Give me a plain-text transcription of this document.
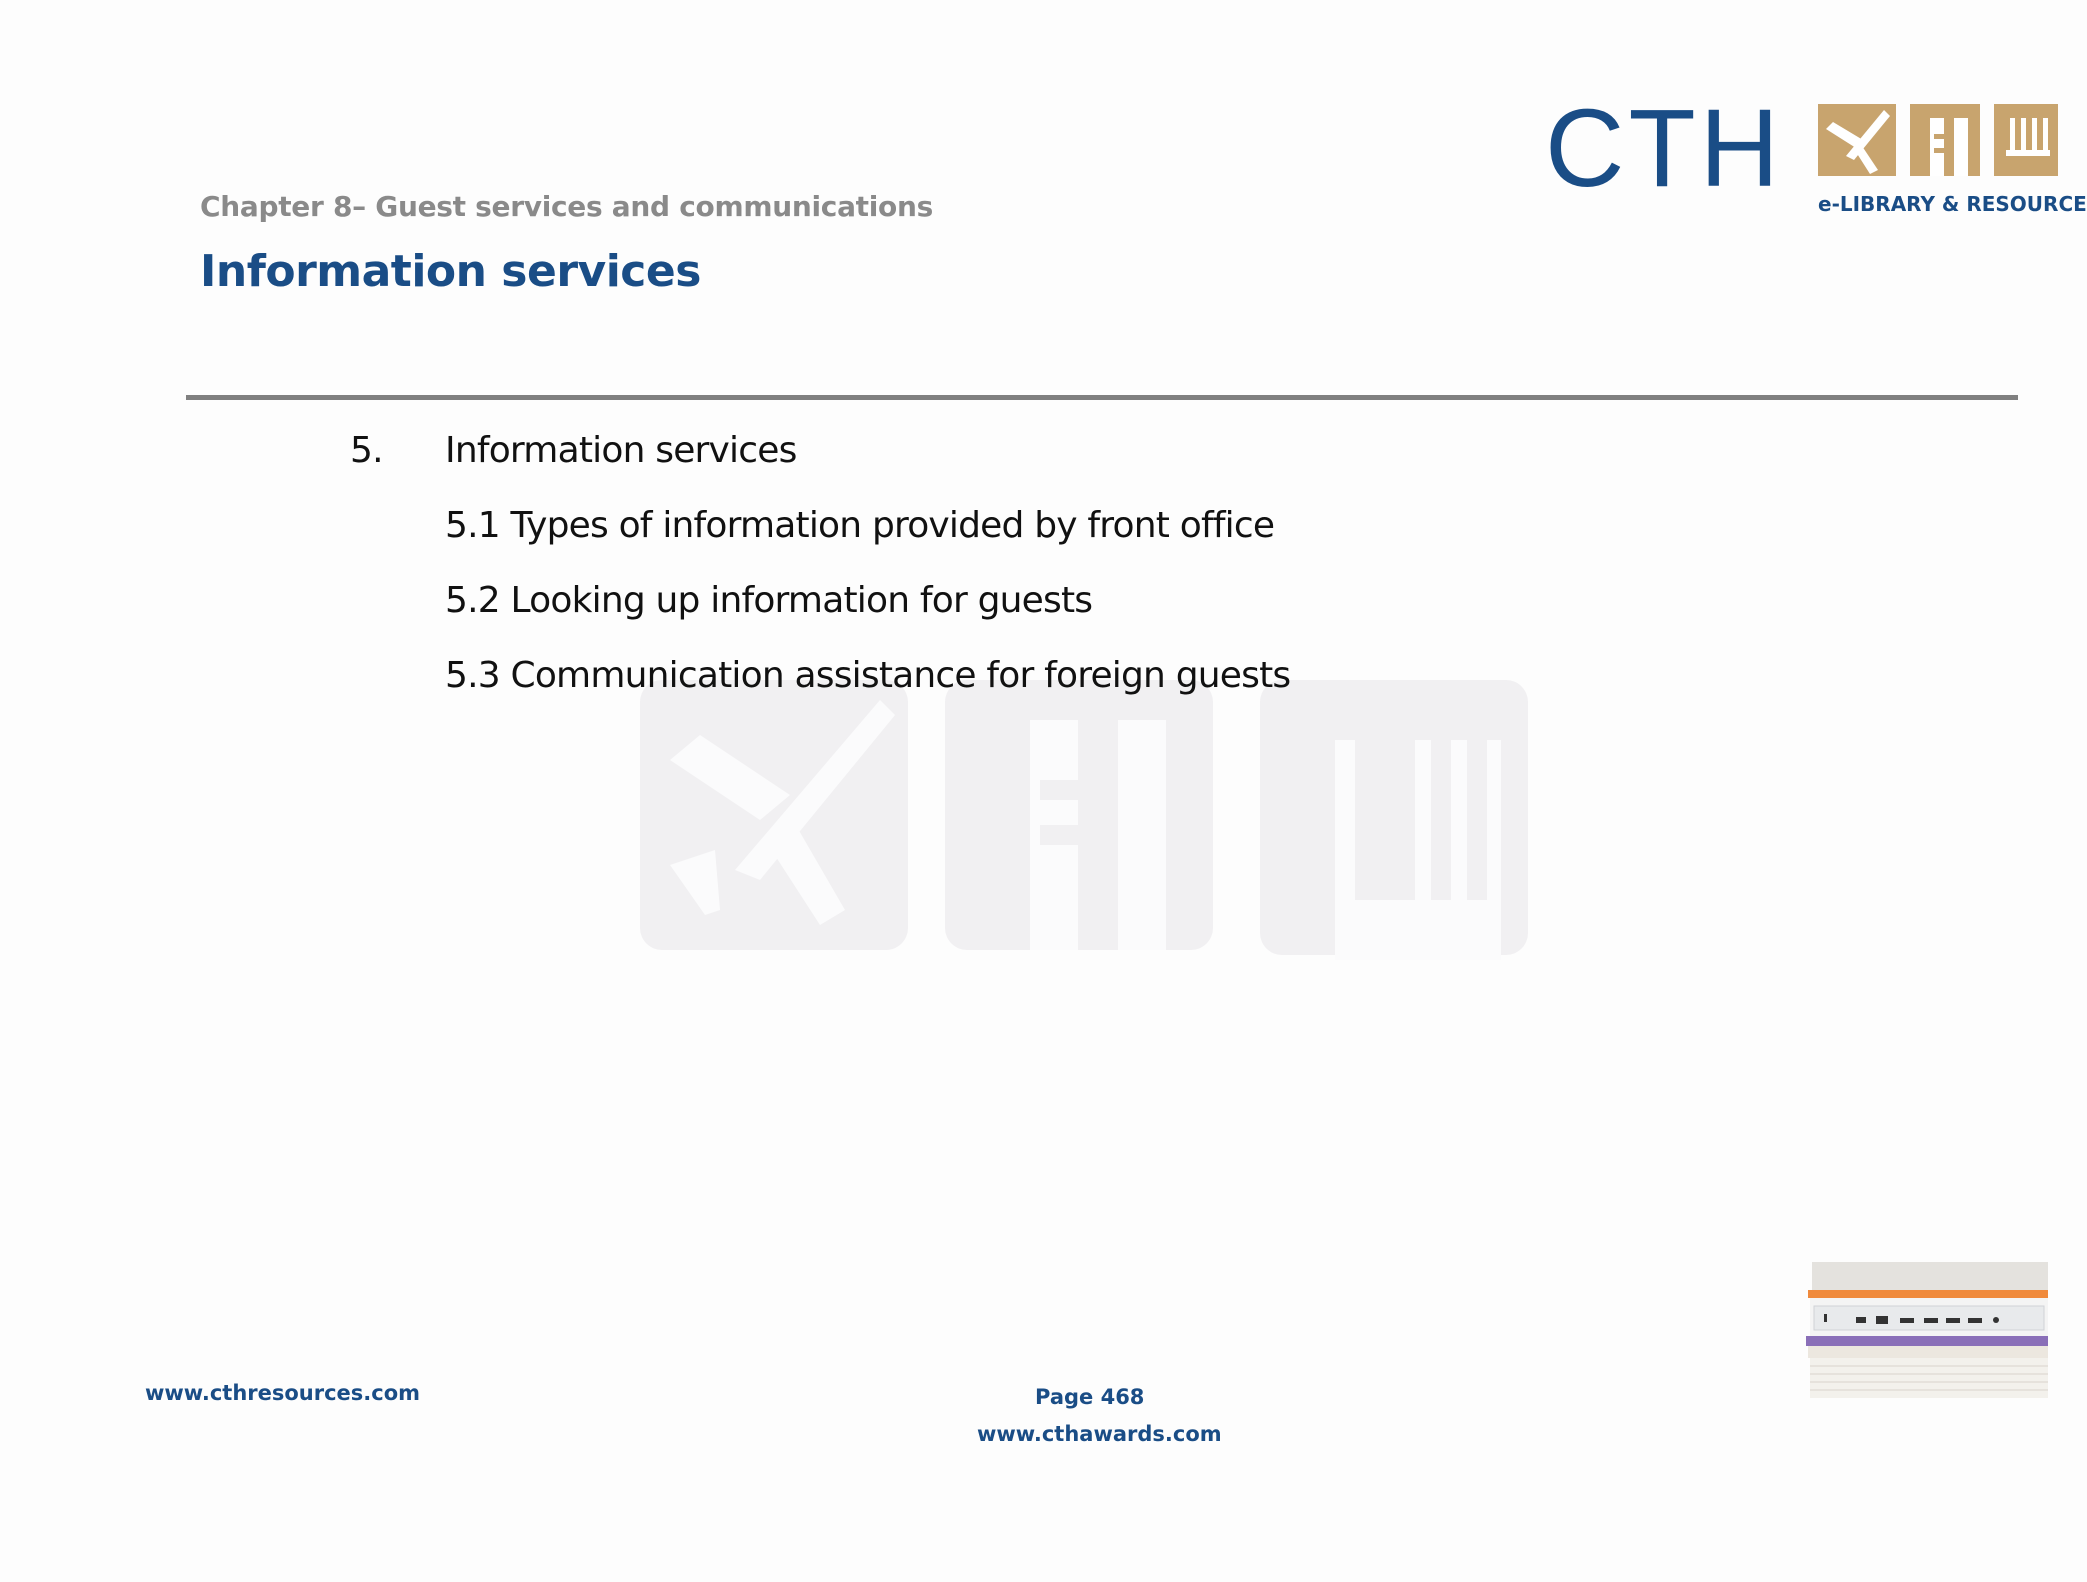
Chapter 8– Guest services and communications
Information services
CTH e-LIBRARY & RESOURCE
5. Information services
5.1 Types of information provided by front office
5.2 Looking up information for guests
5.3 Communication assistance for foreign guests
www.cthresources.com	Page 468
www.cthawards.com
